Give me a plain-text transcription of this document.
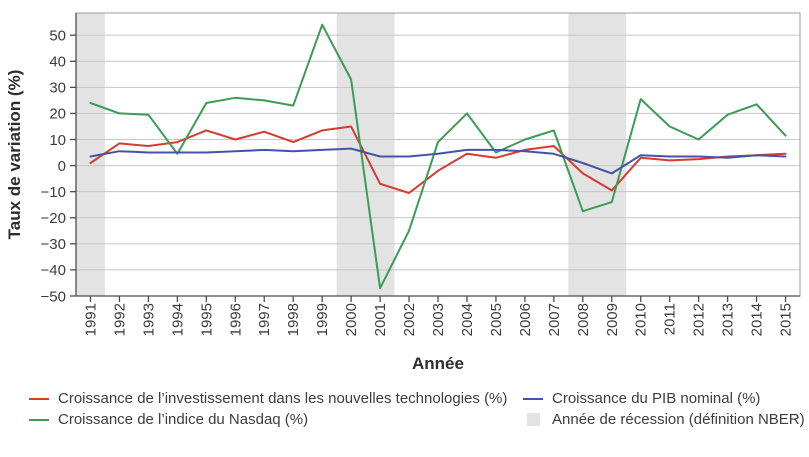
−50
−40
−30
−20
−10
0
10
20
30
40
50
1991 1992 1993 1994 1995 1996 1997 1998 1999 2000 2001 2002 2003 2004 2005 2006 2007 2008 2009 2010 2011 2012 2013 2014 2015
Taux de variation (%)
Année
Croissance de l’investissement dans les nouvelles technologies (%)
Croissance de l’indice du Nasdaq (%)
Croissance du PIB nominal (%)
Année de récession (définition NBER)
